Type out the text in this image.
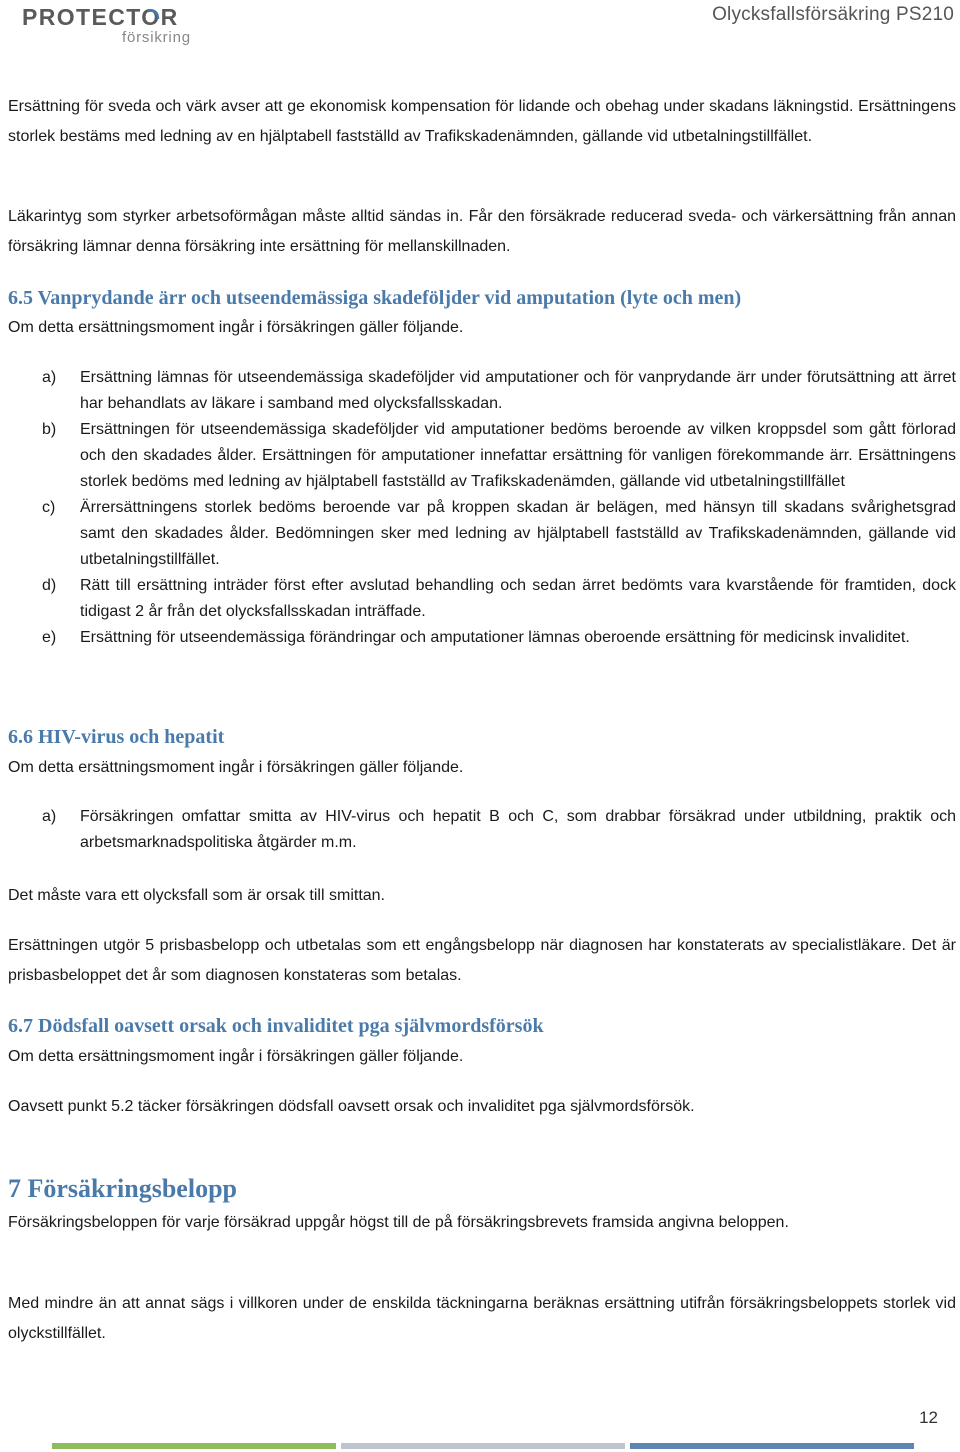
PROTECTOR
försikring
Olycksfallsförsäkring PS210

Ersättning för sveda och värk avser att ge ekonomisk kompensation för lidande och obehag under skadans läkningstid. Ersättningens storlek bestäms med ledning av en hjälptabell fastställd av Trafikskadenämnden, gällande vid utbetalningstillfället.

Läkarintyg som styrker arbetsoförmågan måste alltid sändas in. Får den försäkrade reducerad sveda- och värkersättning från annan försäkring lämnar denna försäkring inte ersättning för mellanskillnaden.

6.5 Vanprydande ärr och utseendemässiga skadeföljder vid amputation (lyte och men)

Om detta ersättningsmoment ingår i försäkringen gäller följande.

a) Ersättning lämnas för utseendemässiga skadeföljder vid amputationer och för vanprydande ärr under förutsättning att ärret har behandlats av läkare i samband med olycksfallsskadan.
b) Ersättningen för utseendemässiga skadeföljder vid amputationer bedöms beroende av vilken kroppsdel som gått förlorad och den skadades ålder. Ersättningen för amputationer innefattar ersättning för vanligen förekommande ärr. Ersättningens storlek bedöms med ledning av hjälptabell fastställd av Trafikskadenämden, gällande vid utbetalningstillfället
c) Ärrersättningens storlek bedöms beroende var på kroppen skadan är belägen, med hänsyn till skadans svårighetsgrad samt den skadades ålder. Bedömningen sker med ledning av hjälptabell fastställd av Trafikskadenämnden, gällande vid utbetalningstillfället.
d) Rätt till ersättning inträder först efter avslutad behandling och sedan ärret bedömts vara kvarstående för framtiden, dock tidigast 2 år från det olycksfallsskadan inträffade.
e) Ersättning för utseendemässiga förändringar och amputationer lämnas oberoende ersättning för medicinsk invaliditet.
6.6 HIV-virus och hepatit

Om detta ersättningsmoment ingår i försäkringen gäller följande.

a) Försäkringen omfattar smitta av HIV-virus och hepatit B och C, som drabbar försäkrad under utbildning, praktik och arbetsmarknadspolitiska åtgärder m.m.

Det måste vara ett olycksfall som är orsak till smittan.

Ersättningen utgör 5 prisbasbelopp och utbetalas som ett engångsbelopp när diagnosen har konstaterats av specialistläkare. Det är prisbasbeloppet det år som diagnosen konstateras som betalas.

6.7 Dödsfall oavsett orsak och invaliditet pga självmordsförsök

Om detta ersättningsmoment ingår i försäkringen gäller följande.

Oavsett punkt 5.2 täcker försäkringen dödsfall oavsett orsak och invaliditet pga självmordsförsök.

7 Försäkringsbelopp

Försäkringsbeloppen för varje försäkrad uppgår högst till de på försäkringsbrevets framsida angivna beloppen.

Med mindre än att annat sägs i villkoren under de enskilda täckningarna beräknas ersättning utifrån försäkringsbeloppets storlek vid olyckstillfället.

12
